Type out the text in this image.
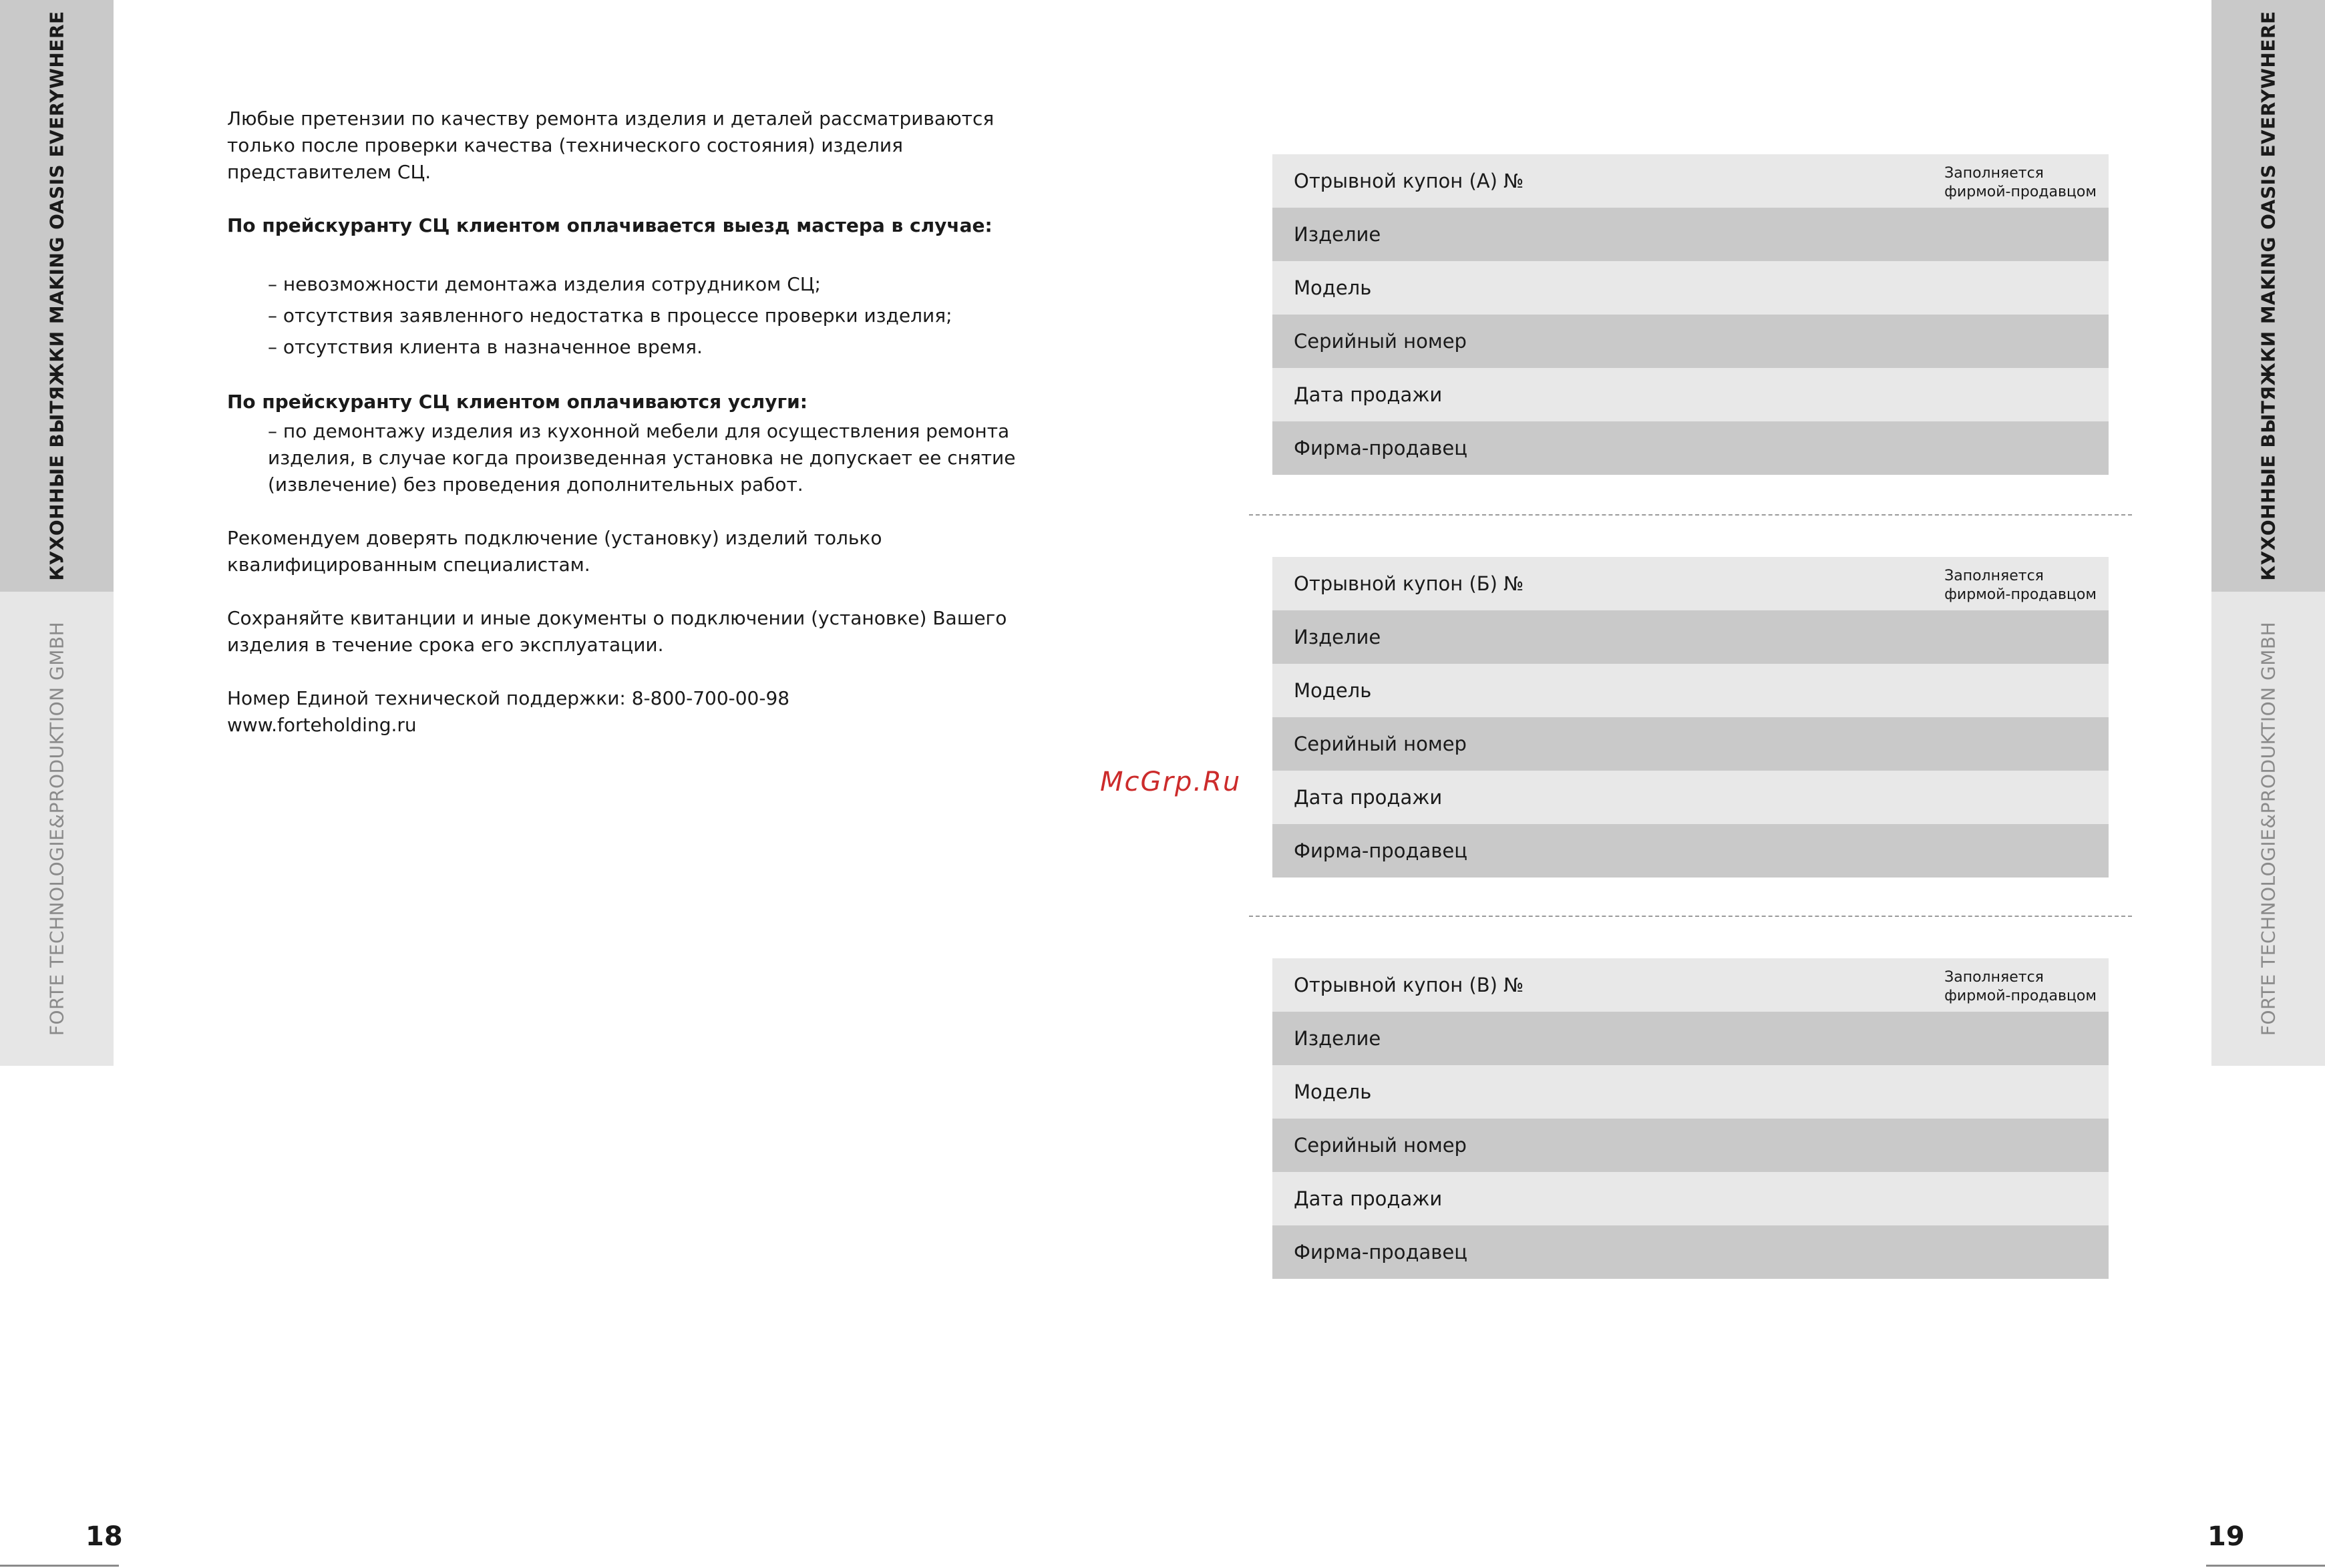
КУХОННЫЕ ВЫТЯЖКИ MAKING OASIS EVERYWHERE
FORTE TECHNOLOGIE&PRODUKTION GMBH
КУХОННЫЕ ВЫТЯЖКИ MAKING OASIS EVERYWHERE
FORTE TECHNOLOGIE&PRODUKTION GMBH

Любые претензии по качеству ремонта изделия и деталей рассматриваются только после проверки качества (технического состояния) изделия представителем СЦ.

По прейскуранту СЦ клиентом оплачивается выезд мастера в случае:

– невозможности демонтажа изделия сотрудником СЦ;
– отсутствия заявленного недостатка в процессе проверки изделия;
– отсутствия клиента в назначенное время.

По прейскуранту СЦ клиентом оплачиваются услуги:

– по демонтажу изделия из кухонной мебели для осуществления ремонта изделия, в случае когда произведенная установка не допускает ее снятие (извлечение) без проведения дополнительных работ.

Рекомендуем доверять подключение (установку) изделий только квалифицированным специалистам.

Сохраняйте квитанции и иные документы о подключении (установке) Вашего изделия в течение срока его эксплуатации.

Номер Единой технической поддержки: 8-800-700-00-98
www.forteholding.ru

McGrp.Ru
Отрывной купон (А) №	Заполняется
фирмой-продавцом
Изделие
Модель
Серийный номер
Дата продажи
Фирма-продавец
Отрывной купон (Б) №	Заполняется
фирмой-продавцом
Изделие
Модель
Серийный номер
Дата продажи
Фирма-продавец
Отрывной купон (В) №	Заполняется
фирмой-продавцом
Изделие
Модель
Серийный номер
Дата продажи
Фирма-продавец
18	19
